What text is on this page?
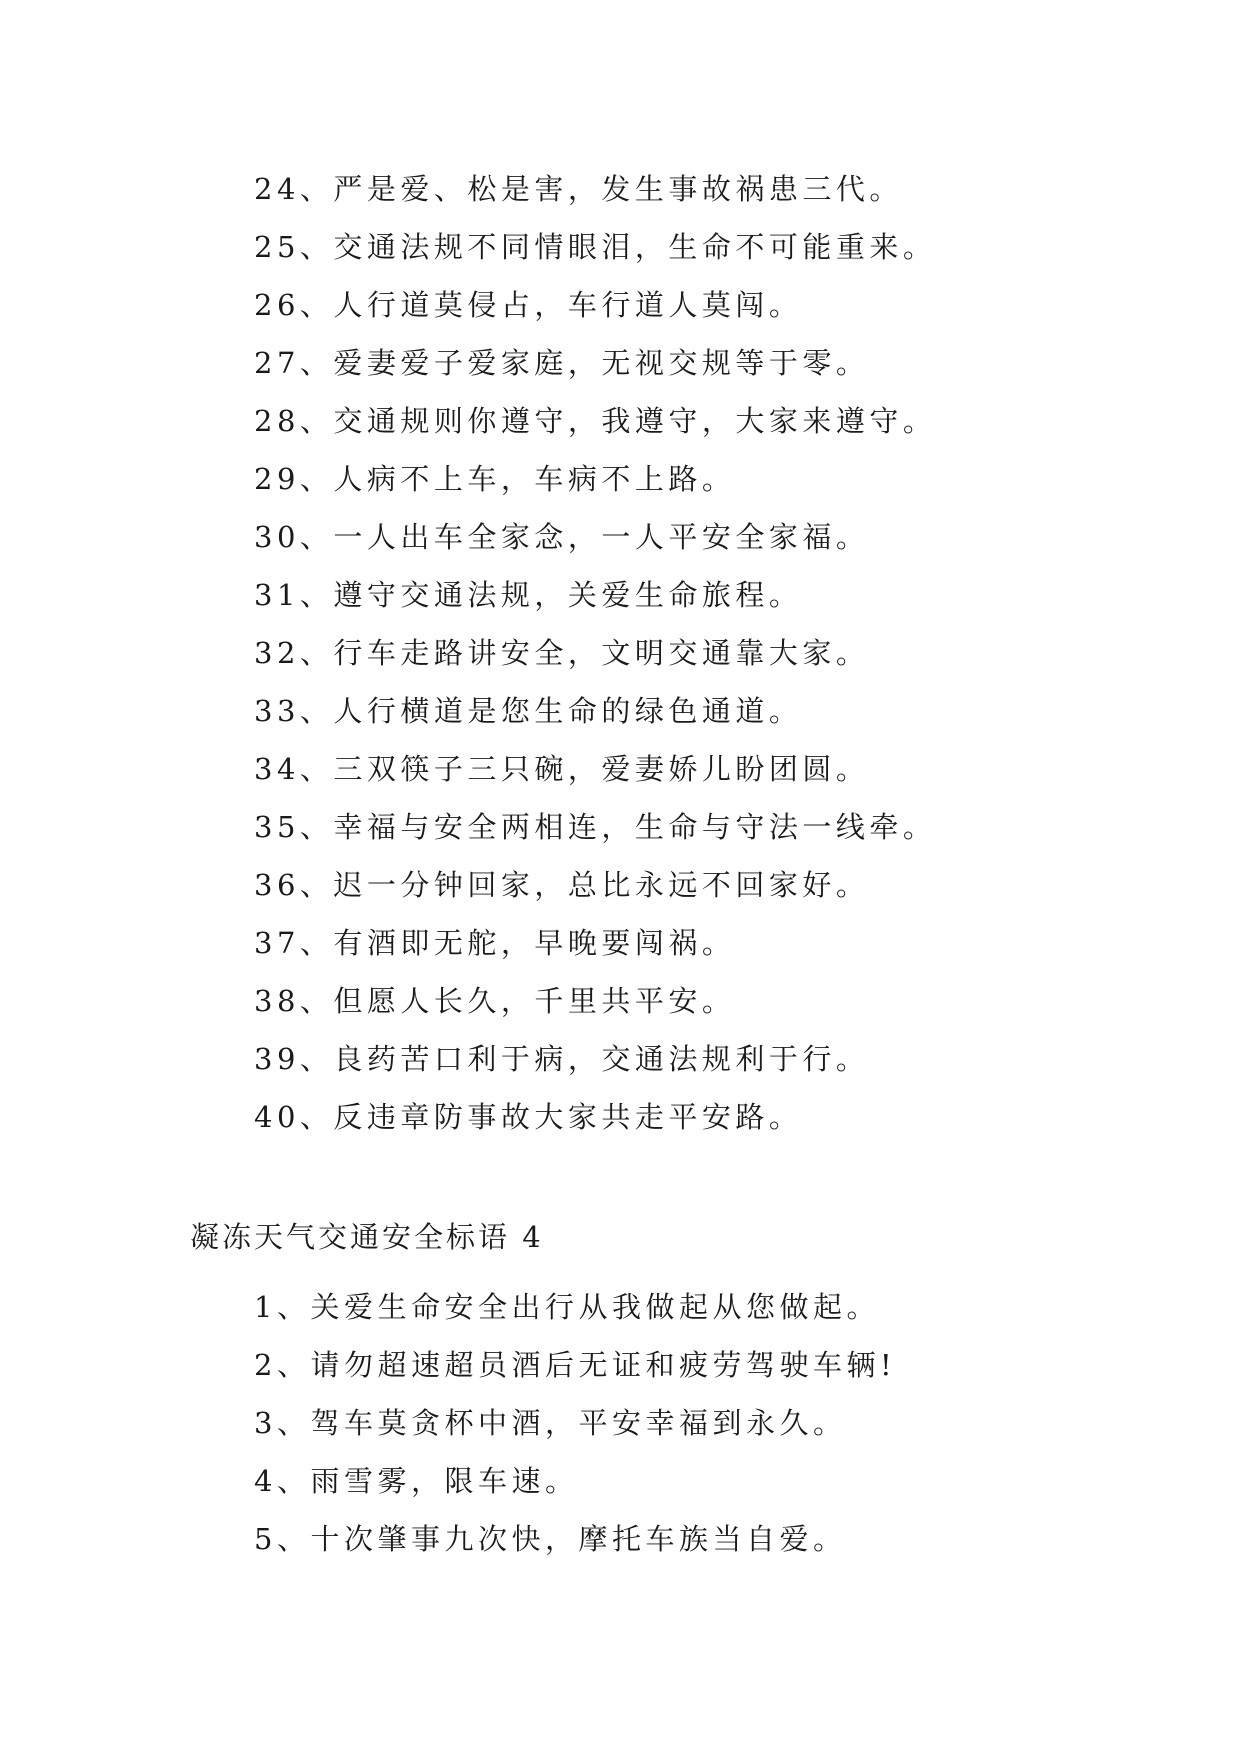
24、严是爱、松是害，发生事故祸患三代。
25、交通法规不同情眼泪，生命不可能重来。
26、人行道莫侵占，车行道人莫闯。
27、爱妻爱子爱家庭，无视交规等于零。
28、交通规则你遵守，我遵守，大家来遵守。
29、人病不上车，车病不上路。
30、一人出车全家念，一人平安全家福。
31、遵守交通法规，关爱生命旅程。
32、行车走路讲安全，文明交通靠大家。
33、人行横道是您生命的绿色通道。
34、三双筷子三只碗，爱妻娇儿盼团圆。
35、幸福与安全两相连，生命与守法一线牵。
36、迟一分钟回家，总比永远不回家好。
37、有酒即无舵，早晚要闯祸。
38、但愿人长久，千里共平安。
39、良药苦口利于病，交通法规利于行。
40、反违章防事故大家共走平安路。
凝冻天气交通安全标语 4
1、关爱生命安全出行从我做起从您做起。
2、请勿超速超员酒后无证和疲劳驾驶车辆!
3、驾车莫贪杯中酒，平安幸福到永久。
4、雨雪雾，限车速。
5、十次肇事九次快，摩托车族当自爱。
